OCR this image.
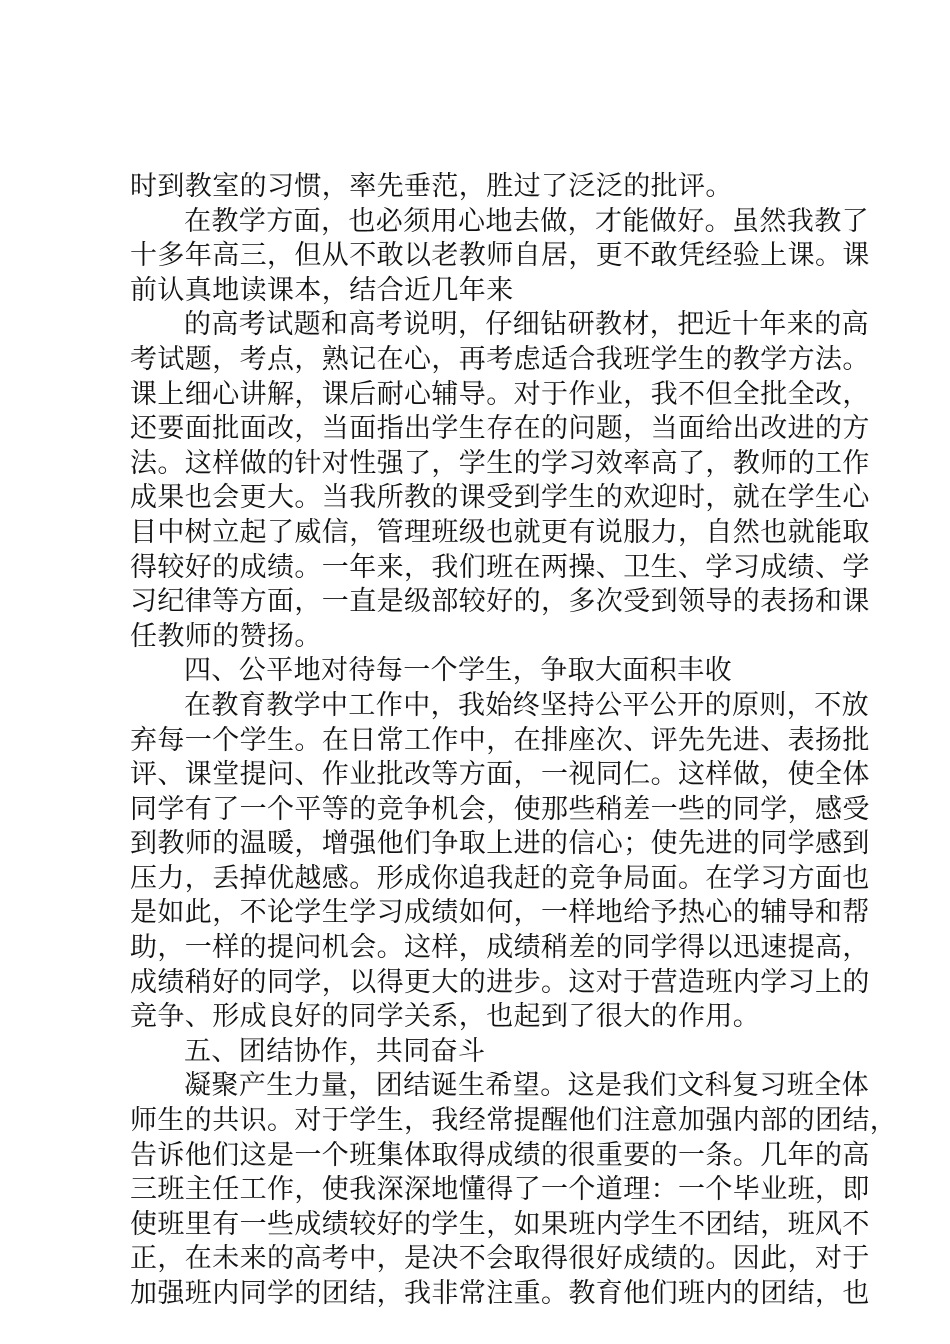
时到教室的习惯，率先垂范，胜过了泛泛的批评。
在教学方面，也必须用心地去做，才能做好。虽然我教了
十多年高三，但从不敢以老教师自居，更不敢凭经验上课。课
前认真地读课本，结合近几年来
的高考试题和高考说明，仔细钻研教材，把近十年来的高
考试题，考点，熟记在心，再考虑适合我班学生的教学方法。
课上细心讲解，课后耐心辅导。对于作业，我不但全批全改，
还要面批面改，当面指出学生存在的问题，当面给出改进的方
法。这样做的针对性强了，学生的学习效率高了，教师的工作
成果也会更大。当我所教的课受到学生的欢迎时，就在学生心
目中树立起了威信，管理班级也就更有说服力，自然也就能取
得较好的成绩。一年来，我们班在两操、卫生、学习成绩、学
习纪律等方面，一直是级部较好的，多次受到领导的表扬和课
任教师的赞扬。
四、公平地对待每一个学生，争取大面积丰收
在教育教学中工作中，我始终坚持公平公开的原则，不放
弃每一个学生。在日常工作中，在排座次、评先先进、表扬批
评、课堂提问、作业批改等方面，一视同仁。这样做，使全体
同学有了一个平等的竞争机会，使那些稍差一些的同学，感受
到教师的温暖，增强他们争取上进的信心；使先进的同学感到
压力，丢掉优越感。形成你追我赶的竞争局面。在学习方面也
是如此，不论学生学习成绩如何，一样地给予热心的辅导和帮
助，一样的提问机会。这样，成绩稍差的同学得以迅速提高，
成绩稍好的同学，以得更大的进步。这对于营造班内学习上的
竞争、形成良好的同学关系，也起到了很大的作用。
五、团结协作，共同奋斗
凝聚产生力量，团结诞生希望。这是我们文科复习班全体
师生的共识。对于学生，我经常提醒他们注意加强内部的团结，
告诉他们这是一个班集体取得成绩的很重要的一条。几年的高
三班主任工作，使我深深地懂得了一个道理：一个毕业班，即
使班里有一些成绩较好的学生，如果班内学生不团结，班风不
正，在未来的高考中，是决不会取得很好成绩的。因此，对于
加强班内同学的团结，我非常注重。教育他们班内的团结，也
